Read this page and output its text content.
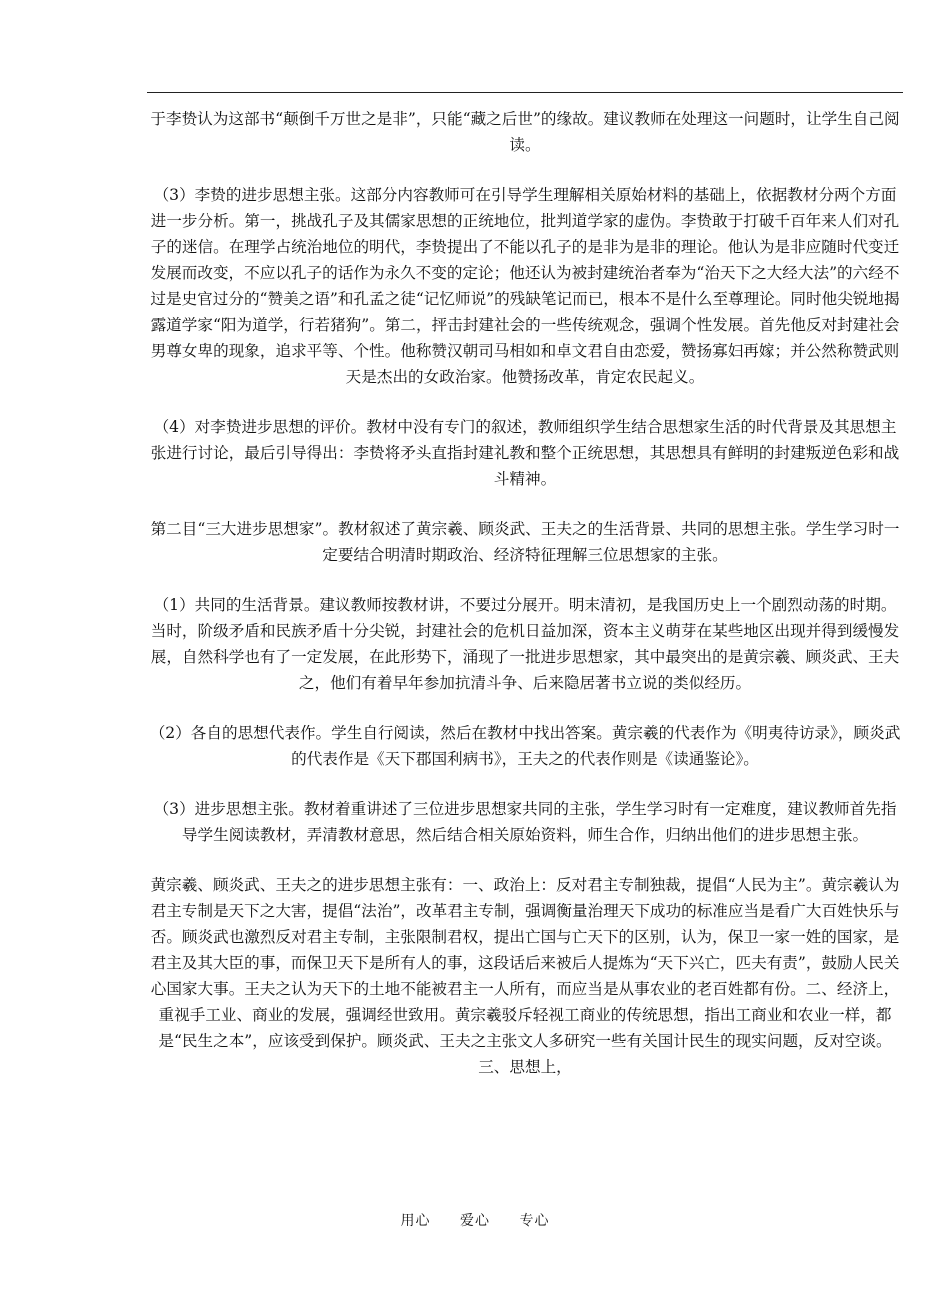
于李贽认为这部书“颠倒千万世之是非”，只能“藏之后世”的缘故。建议教师在处理这一问题时，让学生自己阅读。

（3）李贽的进步思想主张。这部分内容教师可在引导学生理解相关原始材料的基础上，依据教材分两个方面进一步分析。第一，挑战孔子及其儒家思想的正统地位，批判道学家的虚伪。李贽敢于打破千百年来人们对孔子的迷信。在理学占统治地位的明代，李贽提出了不能以孔子的是非为是非的理论。他认为是非应随时代变迁发展而改变，不应以孔子的话作为永久不变的定论；他还认为被封建统治者奉为“治天下之大经大法”的六经不过是史官过分的“赞美之语”和孔孟之徒“记忆师说”的残缺笔记而已，根本不是什么至尊理论。同时他尖锐地揭露道学家“阳为道学，行若猪狗”。第二，抨击封建社会的一些传统观念，强调个性发展。首先他反对封建社会男尊女卑的现象，追求平等、个性。他称赞汉朝司马相如和卓文君自由恋爱，赞扬寡妇再嫁；并公然称赞武则天是杰出的女政治家。他赞扬改革，肯定农民起义。

（4）对李贽进步思想的评价。教材中没有专门的叙述，教师组织学生结合思想家生活的时代背景及其思想主张进行讨论，最后引导得出：李贽将矛头直指封建礼教和整个正统思想，其思想具有鲜明的封建叛逆色彩和战斗精神。

第二目“三大进步思想家”。教材叙述了黄宗羲、顾炎武、王夫之的生活背景、共同的思想主张。学生学习时一定要结合明清时期政治、经济特征理解三位思想家的主张。

（1）共同的生活背景。建议教师按教材讲，不要过分展开。明末清初，是我国历史上一个剧烈动荡的时期。当时，阶级矛盾和民族矛盾十分尖锐，封建社会的危机日益加深，资本主义萌芽在某些地区出现并得到缓慢发展，自然科学也有了一定发展，在此形势下，涌现了一批进步思想家，其中最突出的是黄宗羲、顾炎武、王夫之，他们有着早年参加抗清斗争、后来隐居著书立说的类似经历。

（2）各自的思想代表作。学生自行阅读，然后在教材中找出答案。黄宗羲的代表作为《明夷待访录》，顾炎武的代表作是《天下郡国利病书》，王夫之的代表作则是《读通鉴论》。

（3）进步思想主张。教材着重讲述了三位进步思想家共同的主张，学生学习时有一定难度，建议教师首先指导学生阅读教材，弄清教材意思，然后结合相关原始资料，师生合作，归纳出他们的进步思想主张。

黄宗羲、顾炎武、王夫之的进步思想主张有：一、政治上：反对君主专制独裁，提倡“人民为主”。黄宗羲认为君主专制是天下之大害，提倡“法治”，改革君主专制，强调衡量治理天下成功的标准应当是看广大百姓快乐与否。顾炎武也激烈反对君主专制，主张限制君权，提出亡国与亡天下的区别，认为，保卫一家一姓的国家，是君主及其大臣的事，而保卫天下是所有人的事，这段话后来被后人提炼为“天下兴亡，匹夫有责”，鼓励人民关心国家大事。王夫之认为天下的土地不能被君主一人所有，而应当是从事农业的老百姓都有份。二、经济上，重视手工业、商业的发展，强调经世致用。黄宗羲驳斥轻视工商业的传统思想，指出工商业和农业一样，都是“民生之本”，应该受到保护。顾炎武、王夫之主张文人多研究一些有关国计民生的现实问题，反对空谈。三、思想上，

用心 爱心 专心
